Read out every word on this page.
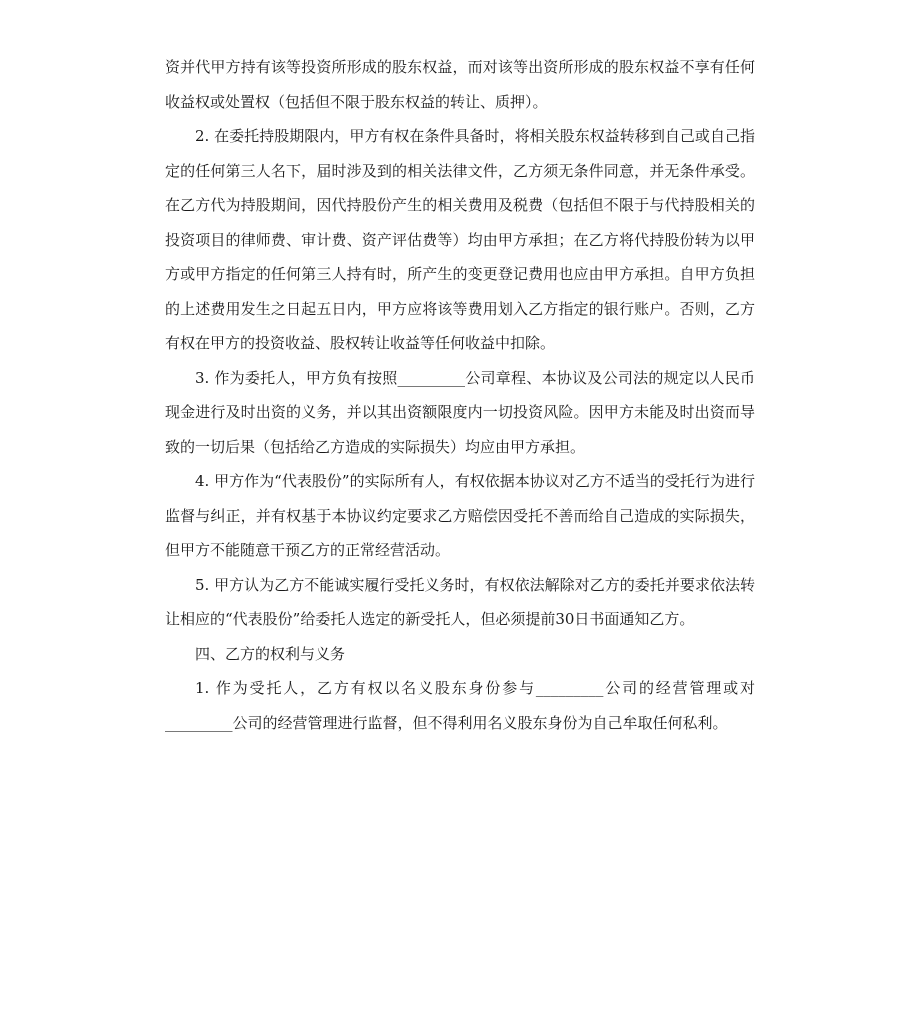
资并代甲方持有该等投资所形成的股东权益，而对该等出资所形成的股东权益不享有任何收益权或处置权（包括但不限于股东权益的转让、质押）。

2. 在委托持股期限内，甲方有权在条件具备时，将相关股东权益转移到自己或自己指定的任何第三人名下，届时涉及到的相关法律文件，乙方须无条件同意，并无条件承受。在乙方代为持股期间，因代持股份产生的相关费用及税费（包括但不限于与代持股相关的投资项目的律师费、审计费、资产评估费等）均由甲方承担；在乙方将代持股份转为以甲方或甲方指定的任何第三人持有时，所产生的变更登记费用也应由甲方承担。自甲方负担的上述费用发生之日起五日内，甲方应将该等费用划入乙方指定的银行账户。否则，乙方有权在甲方的投资收益、股权转让收益等任何收益中扣除。

3. 作为委托人，甲方负有按照_________公司章程、本协议及公司法的规定以人民币现金进行及时出资的义务，并以其出资额限度内一切投资风险。因甲方未能及时出资而导致的一切后果（包括给乙方造成的实际损失）均应由甲方承担。

4. 甲方作为“代表股份”的实际所有人，有权依据本协议对乙方不适当的受托行为进行监督与纠正，并有权基于本协议约定要求乙方赔偿因受托不善而给自己造成的实际损失，但甲方不能随意干预乙方的正常经营活动。

5. 甲方认为乙方不能诚实履行受托义务时，有权依法解除对乙方的委托并要求依法转让相应的“代表股份”给委托人选定的新受托人，但必须提前30日书面通知乙方。

四、乙方的权利与义务

1. 作为受托人，乙方有权以名义股东身份参与_________公司的经营管理或对_________公司的经营管理进行监督，但不得利用名义股东身份为自己牟取任何私利。
